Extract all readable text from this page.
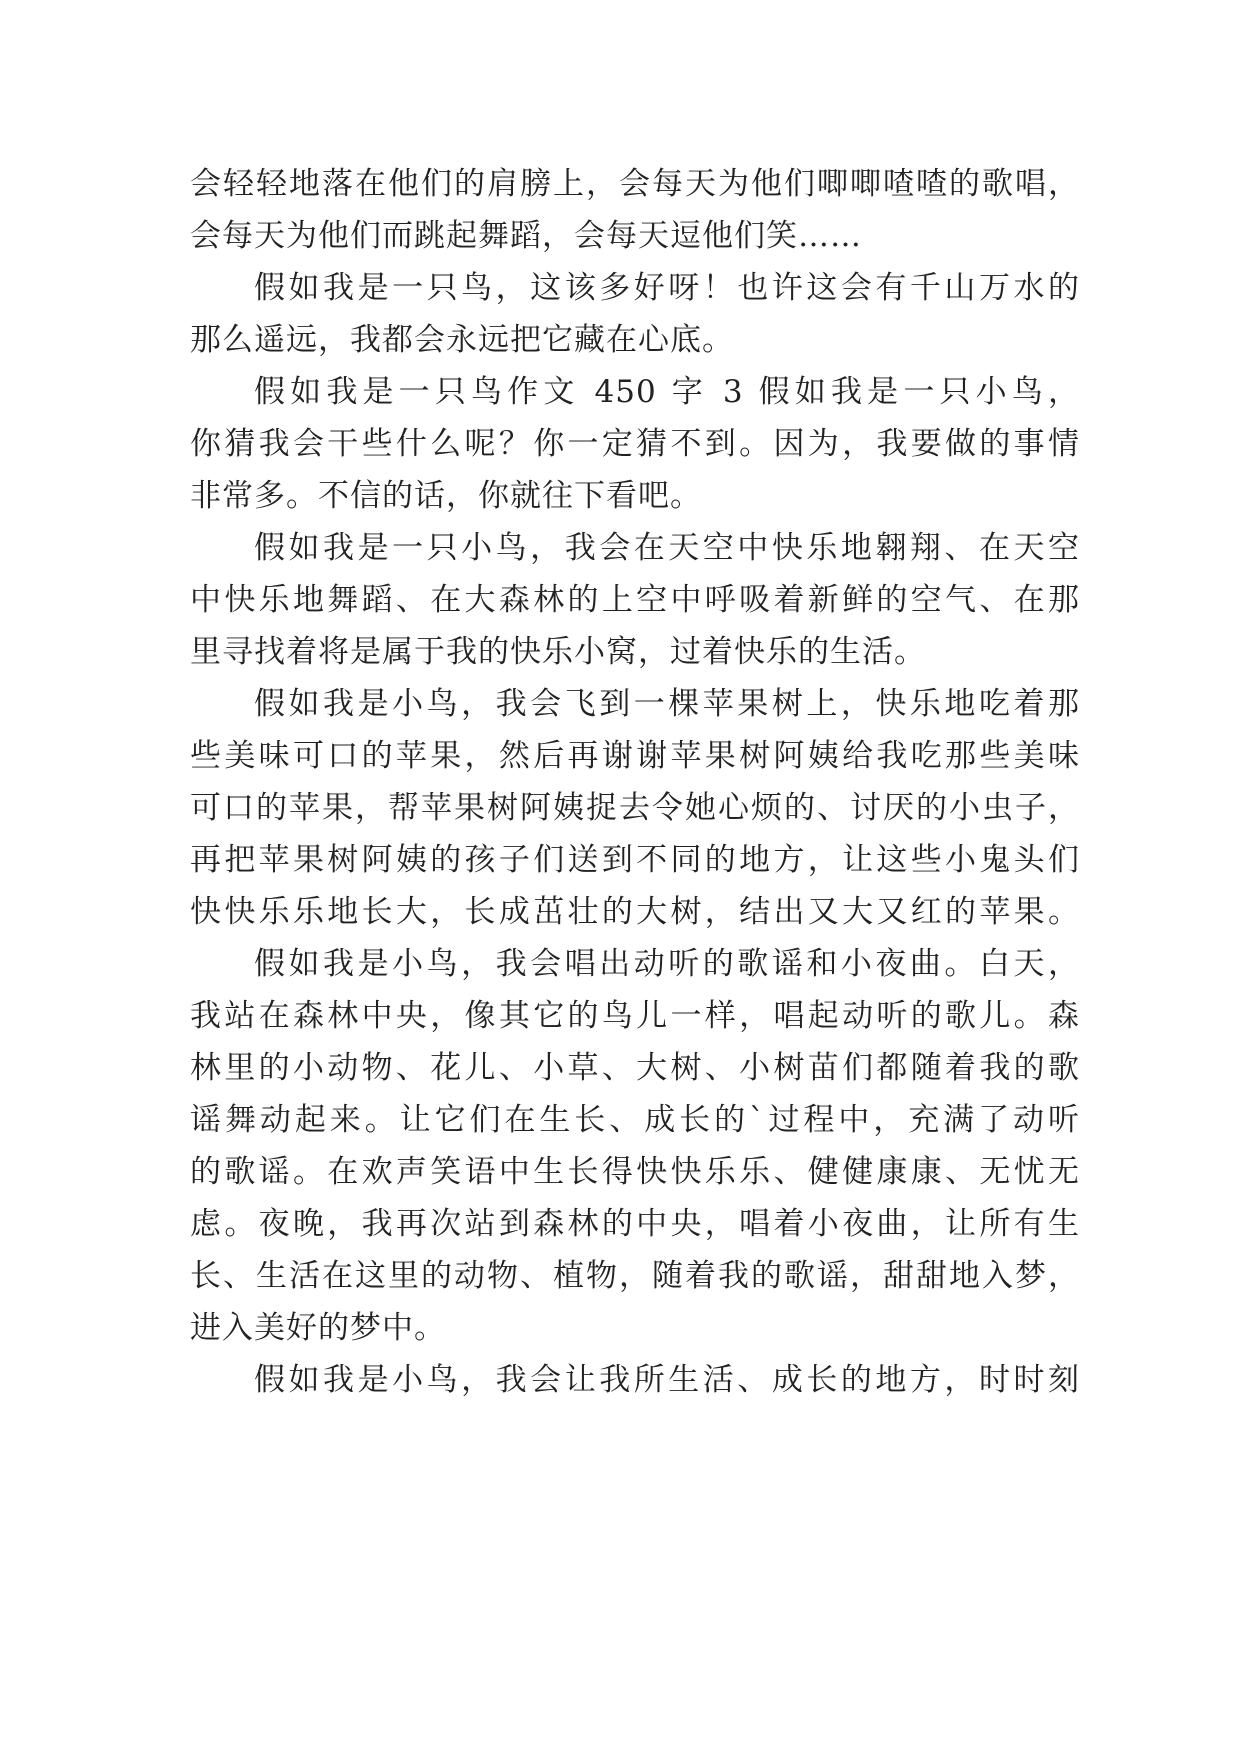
会轻轻地落在他们的肩膀上，会每天为他们唧唧喳喳的歌唱，
会每天为他们而跳起舞蹈，会每天逗他们笑……
假如我是一只鸟，这该多好呀！也许这会有千山万水的
那么遥远，我都会永远把它藏在心底。
假如我是一只鸟作文 450 字 3 假如我是一只小鸟，
你猜我会干些什么呢？你一定猜不到。因为，我要做的事情
非常多。不信的话，你就往下看吧。
假如我是一只小鸟，我会在天空中快乐地翱翔、在天空
中快乐地舞蹈、在大森林的上空中呼吸着新鲜的空气、在那
里寻找着将是属于我的快乐小窝，过着快乐的生活。
假如我是小鸟，我会飞到一棵苹果树上，快乐地吃着那
些美味可口的苹果，然后再谢谢苹果树阿姨给我吃那些美味
可口的苹果，帮苹果树阿姨捉去令她心烦的、讨厌的小虫子，
再把苹果树阿姨的孩子们送到不同的地方，让这些小鬼头们
快快乐乐地长大，长成茁壮的大树，结出又大又红的苹果。
假如我是小鸟，我会唱出动听的歌谣和小夜曲。白天，
我站在森林中央，像其它的鸟儿一样，唱起动听的歌儿。森
林里的小动物、花儿、小草、大树、小树苗们都随着我的歌
谣舞动起来。让它们在生长、成长的`过程中，充满了动听
的歌谣。在欢声笑语中生长得快快乐乐、健健康康、无忧无
虑。夜晚，我再次站到森林的中央，唱着小夜曲，让所有生
长、生活在这里的动物、植物，随着我的歌谣，甜甜地入梦，
进入美好的梦中。
假如我是小鸟，我会让我所生活、成长的地方，时时刻
